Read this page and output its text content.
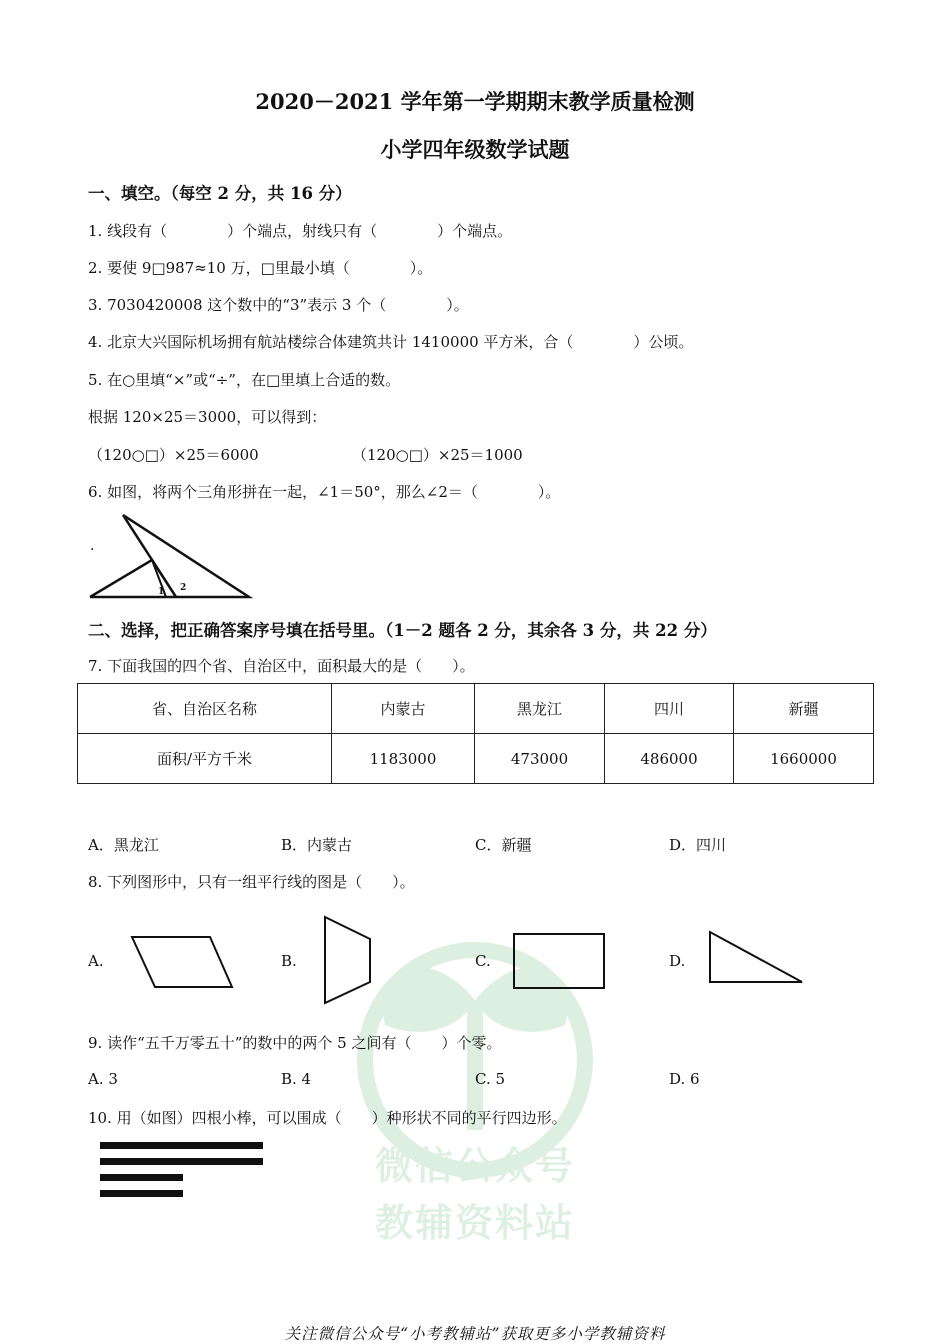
微信公众号
教辅资料站
2020－2021 学年第一学期期末教学质量检测
小学四年级数学试题
一、填空。（每空 2 分，共 16 分）
1. 线段有（　　　　）个端点，射线只有（　　　　）个端点。
2. 要使 9□987≈10 万，□里最小填（　　　　）。
3. 7030420008 这个数中的“3”表示 3 个（　　　　）。
4. 北京大兴国际机场拥有航站楼综合体建筑共计 1410000 平方米，合（　　　　）公顷。
5. 在○里填“×”或“÷”，在□里填上合适的数。
根据 120×25＝3000，可以得到：
（120○□）×25＝6000	（120○□）×25＝1000
6. 如图，将两个三角形拼在一起，∠1＝50°，那么∠2＝（　　　　）。
.
1 2
二、选择，把正确答案序号填在括号里。（1－2 题各 2 分，其余各 3 分，共 22 分）
7. 下面我国的四个省、自治区中，面积最大的是（　　）。
省、自治区名称	内蒙古	黑龙江	四川	新疆
面积/平方千米	1183000	473000	486000	1660000
A．黑龙江	B．内蒙古	C．新疆	D．四川
8. 下列图形中，只有一组平行线的图是（　　）。
A.	B.	C.	D.
9. 读作“五千万零五十”的数中的两个 5 之间有（　　）个零。
A. 3	B. 4	C. 5	D. 6
10. 用（如图）四根小棒，可以围成（　　）种形状不同的平行四边形。
关注微信公众号“小考教辅站”获取更多小学教辅资料
